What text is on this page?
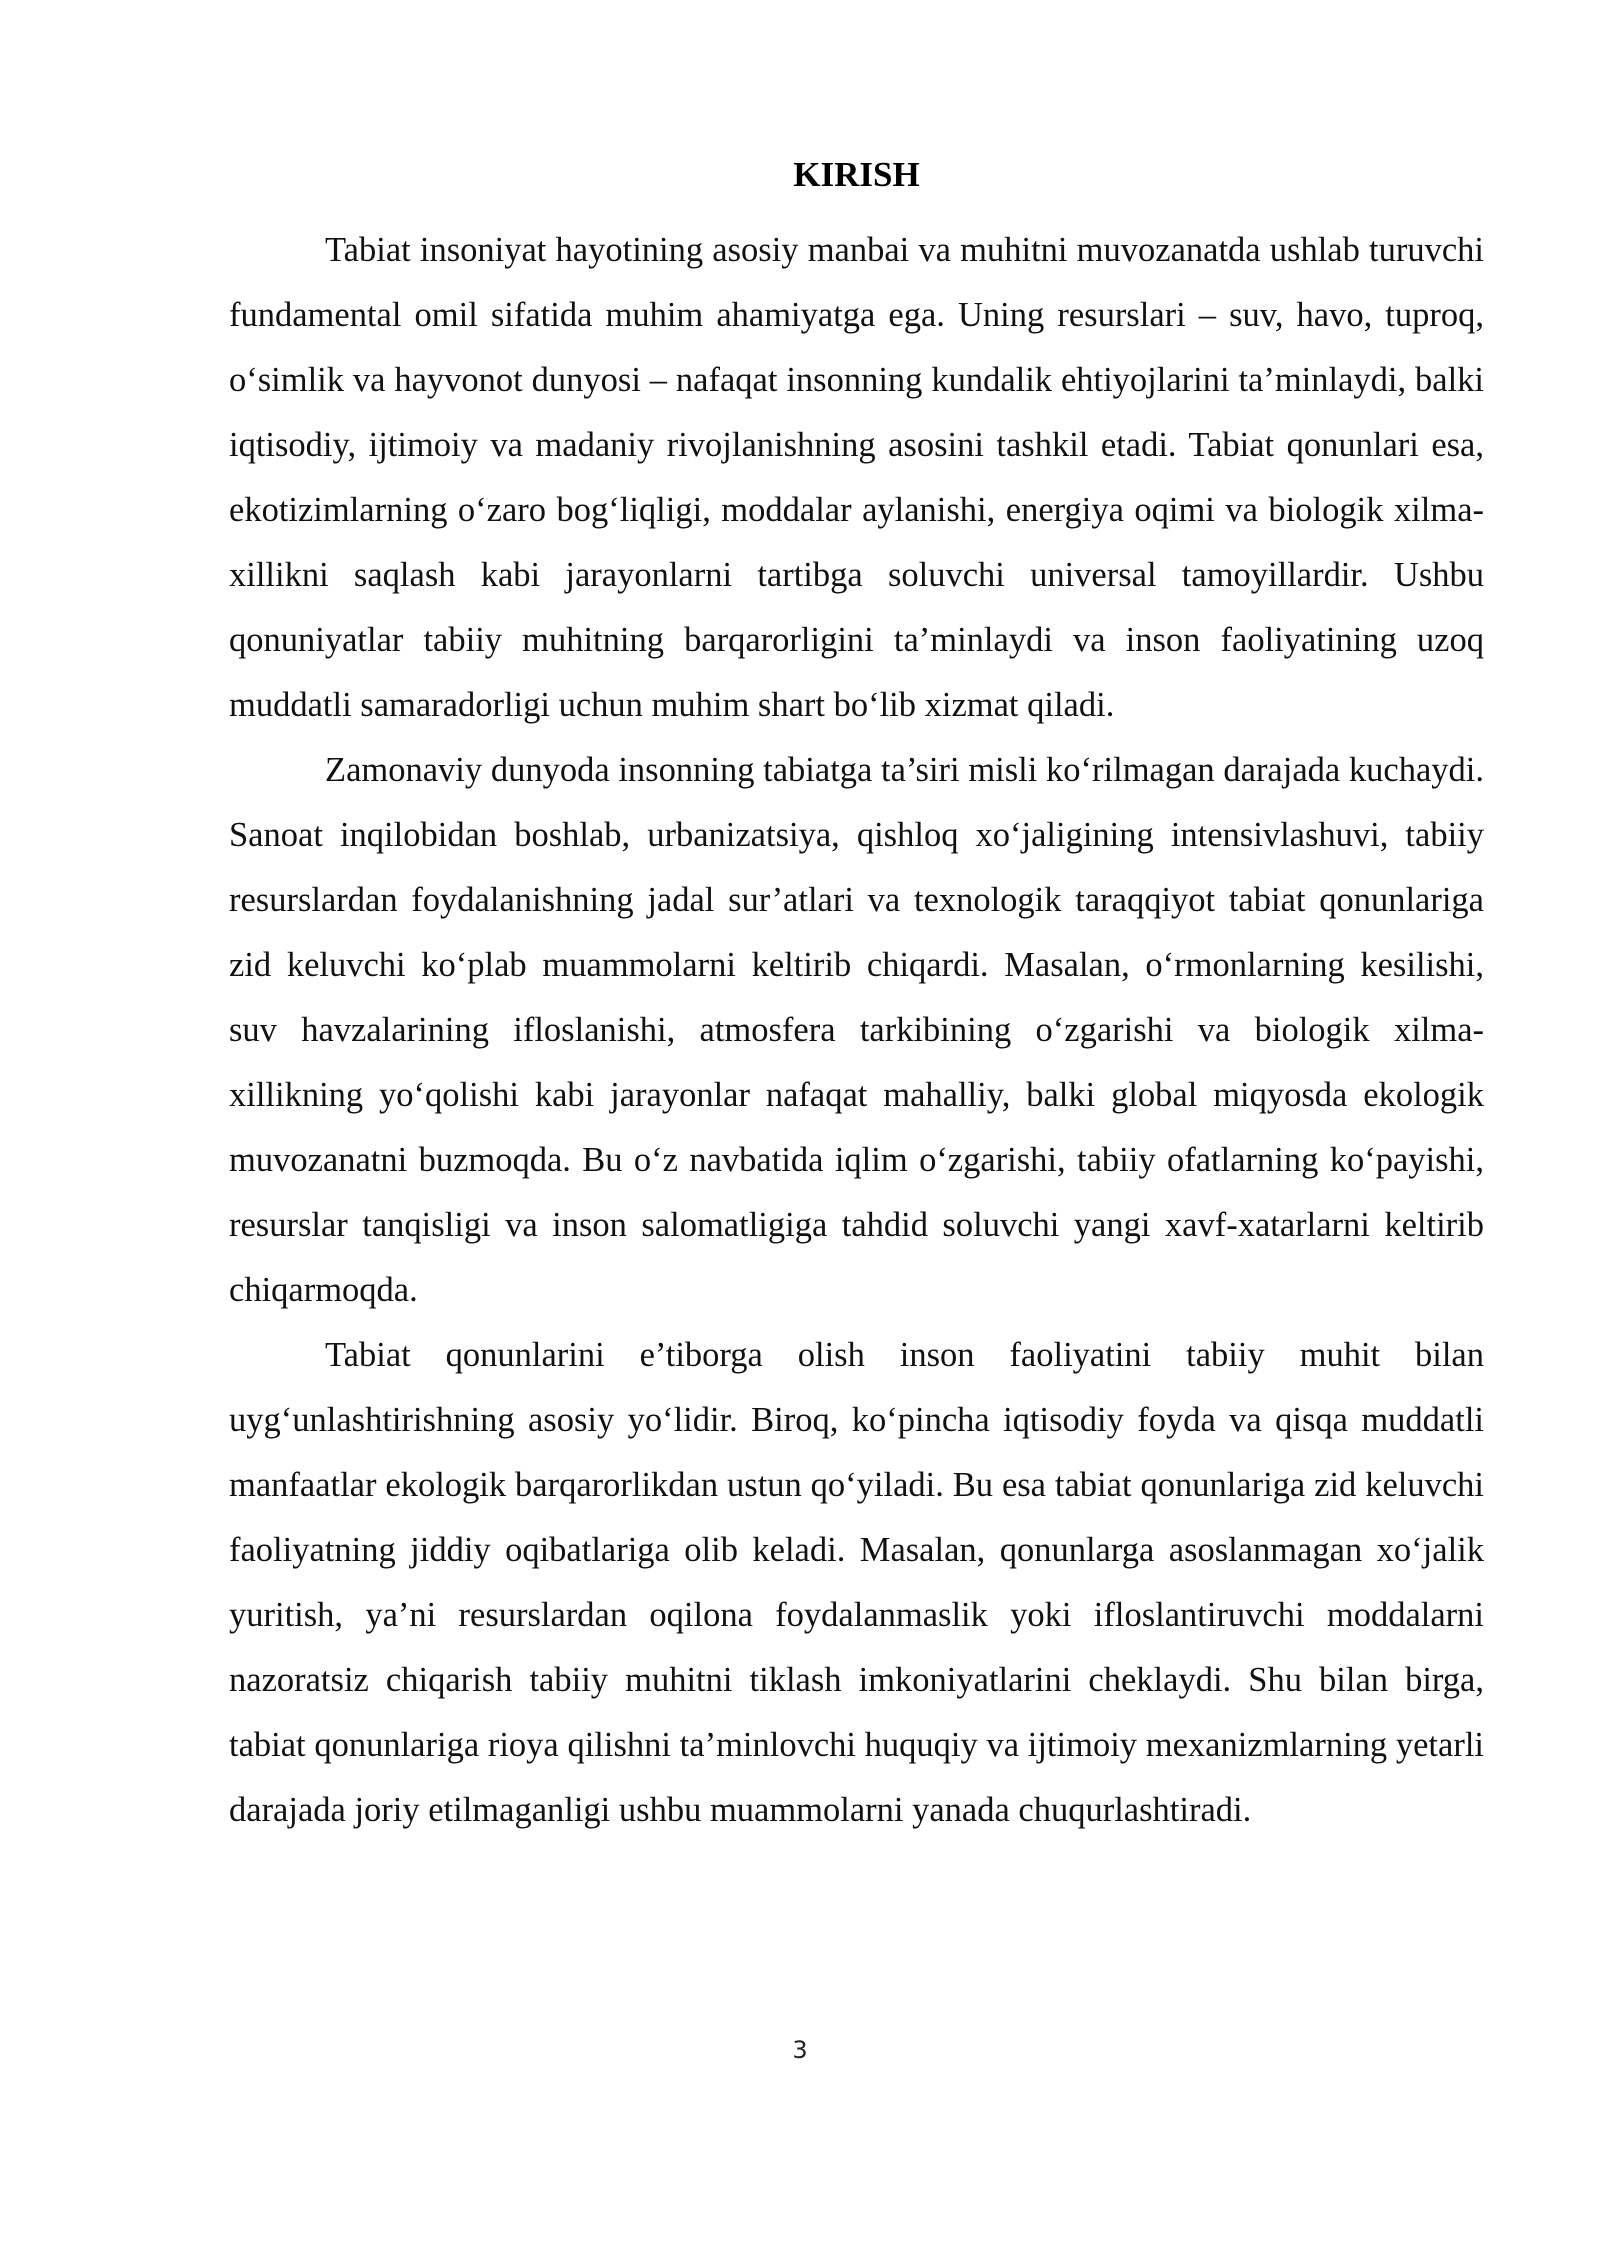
KIRISH

Tabiat insoniyat hayotining asosiy manbai va muhitni muvozanatda ushlab turuvchi fundamental omil sifatida muhim ahamiyatga ega. Uning resurslari – suv, havo, tuproq, o‘simlik va hayvonot dunyosi – nafaqat insonning kundalik ehtiyojlarini ta’minlaydi, balki iqtisodiy, ijtimoiy va madaniy rivojlanishning asosini tashkil etadi. Tabiat qonunlari esa, ekotizimlarning o‘zaro bog‘liqligi, moddalar aylanishi, energiya oqimi va biologik xilma-xillikni saqlash kabi jarayonlarni tartibga soluvchi universal tamoyillardir. Ushbu qonuniyatlar tabiiy muhitning barqarorligini ta’minlaydi va inson faoliyatining uzoq muddatli samaradorligi uchun muhim shart bo‘lib xizmat qiladi.

Zamonaviy dunyoda insonning tabiatga ta’siri misli ko‘rilmagan darajada kuchaydi. Sanoat inqilobidan boshlab, urbanizatsiya, qishloq xo‘jaligining intensivlashuvi, tabiiy resurslardan foydalanishning jadal sur’atlari va texnologik taraqqiyot tabiat qonunlariga zid keluvchi ko‘plab muammolarni keltirib chiqardi. Masalan, o‘rmonlarning kesilishi, suv havzalarining ifloslanishi, atmosfera tarkibining o‘zgarishi va biologik xilma-xillikning yo‘qolishi kabi jarayonlar nafaqat mahalliy, balki global miqyosda ekologik muvozanatni buzmoqda. Bu o‘z navbatida iqlim o‘zgarishi, tabiiy ofatlarning ko‘payishi, resurslar tanqisligi va inson salomatligiga tahdid soluvchi yangi xavf-xatarlarni keltirib chiqarmoqda.

Tabiat qonunlarini e’tiborga olish inson faoliyatini tabiiy muhit bilan uyg‘unlashtirishning asosiy yo‘lidir. Biroq, ko‘pincha iqtisodiy foyda va qisqa muddatli manfaatlar ekologik barqarorlikdan ustun qo‘yiladi. Bu esa tabiat qonunlariga zid keluvchi faoliyatning jiddiy oqibatlariga olib keladi. Masalan, qonunlarga asoslanmagan xo‘jalik yuritish, ya’ni resurslardan oqilona foydalanmaslik yoki ifloslantiruvchi moddalarni nazoratsiz chiqarish tabiiy muhitni tiklash imkoniyatlarini cheklaydi. Shu bilan birga, tabiat qonunlariga rioya qilishni ta’minlovchi huquqiy va ijtimoiy mexanizmlarning yetarli darajada joriy etilmaganligi ushbu muammolarni yanada chuqurlashtiradi.

3
